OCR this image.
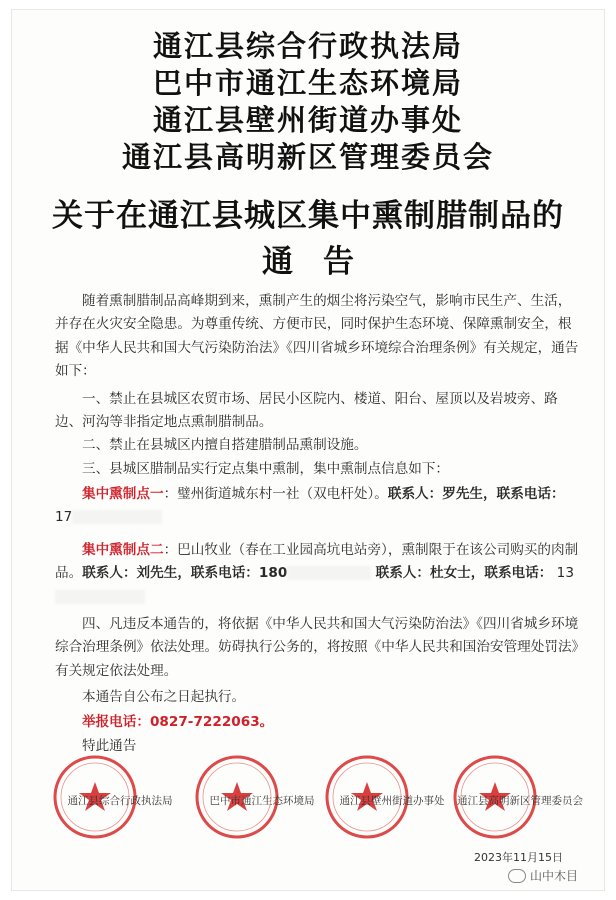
通江县综合行政执法局
巴中市通江生态环境局
通江县壁州街道办事处
通江县高明新区管理委员会
关于在通江县城区集中熏制腊制品的
通告

随着熏制腊制品高峰期到来，熏制产生的烟尘将污染空气，影响市民生产、生活，并存在火灾安全隐患。为尊重传统、方便市民，同时保护生态环境、保障熏制安全，根据《中华人民共和国大气污染防治法》《四川省城乡环境综合治理条例》有关规定，通告如下：

一、禁止在县城区农贸市场、居民小区院内、楼道、阳台、屋顶以及岩坡旁、路边、河沟等非指定地点熏制腊制品。

二、禁止在县城区内擅自搭建腊制品熏制设施。

三、县城区腊制品实行定点集中熏制，集中熏制点信息如下：

集中熏制点一：璧州街道城东村一社（双电杆处）。联系人：罗先生，联系电话：
17

集中熏制点二：巴山牧业（春在工业园高坑电站旁），熏制限于在该公司购买的肉制品。联系人：刘先生，联系电话：180	联系人：杜女士，联系电话： 13

四、凡违反本通告的，将依据《中华人民共和国大气污染防治法》《四川省城乡环境综合治理条例》依法处理。妨碍执行公务的，将按照《中华人民共和国治安管理处罚法》有关规定依法处理。

本通告自公布之日起执行。

举报电话：0827-7222063。

特此通告

通江县综合行政执法局	巴中市通江生态环境局	通江县壁州街道办事处	通江县高明新区管理委员会
2023年11月15日
山中木目
